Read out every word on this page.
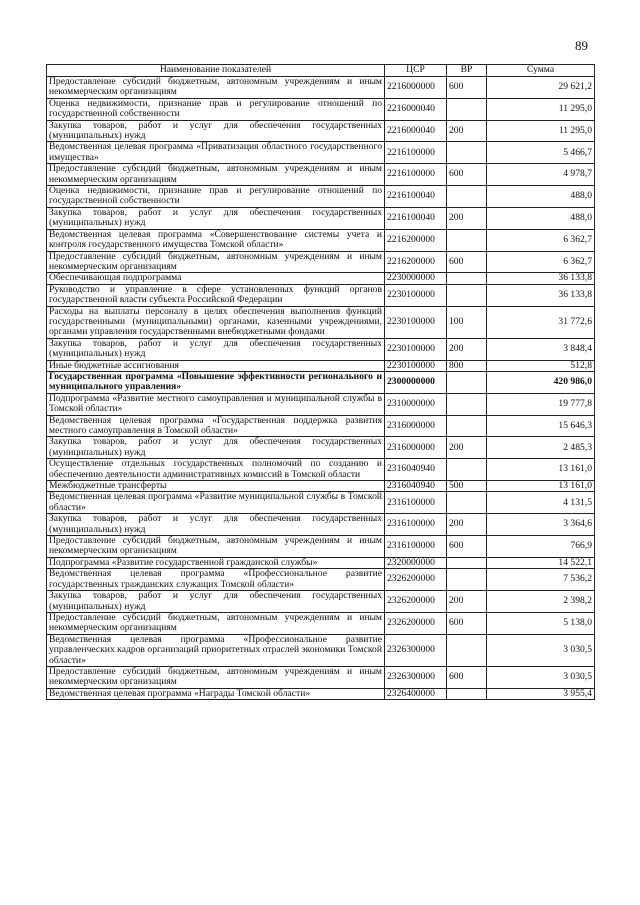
89
Наименование показателей	ЦСР	ВР	Сумма
Предоставление субсидий бюджетным, автономным учреждениям и иным некоммерческим организациям	2216000000	600	29 621,2
Оценка недвижимости, признание прав и регулирование отношений по государственной собственности	2216000040		11 295,0
Закупка товаров, работ и услуг для обеспечения государственных (муниципальных) нужд	2216000040	200	11 295,0
Ведомственная целевая программа «Приватизация областного государственного имущества»	2216100000		5 466,7
Предоставление субсидий бюджетным, автономным учреждениям и иным некоммерческим организациям	2216100000	600	4 978,7
Оценка недвижимости, признание прав и регулирование отношений по государственной собственности	2216100040		488,0
Закупка товаров, работ и услуг для обеспечения государственных (муниципальных) нужд	2216100040	200	488,0
Ведомственная целевая программа «Совершенствование системы учета и контроля государственного имущества Томской области»	2216200000		6 362,7
Предоставление субсидий бюджетным, автономным учреждениям и иным некоммерческим организациям	2216200000	600	6 362,7
Обеспечивающая подпрограмма	2230000000		36 133,8
Руководство и управление в сфере установленных функций органов государственной власти субъекта Российской Федерации	2230100000		36 133,8
Расходы на выплаты персоналу в целях обеспечения выполнения функций государственными (муниципальными) органами, казенными учреждениями, органами управления государственными внебюджетными фондами	2230100000	100	31 772,6
Закупка товаров, работ и услуг для обеспечения государственных (муниципальных) нужд	2230100000	200	3 848,4
Иные бюджетные ассигнования	2230100000	800	512,8
Государственная программа «Повышение эффективности регионального и муниципального управления»	2300000000		420 986,0
Подпрограмма «Развитие местного самоуправления и муниципальной службы в Томской области»	2310000000		19 777,8
Ведомственная целевая программа «Государственная поддержка развития местного самоуправления в Томской области»	2316000000		15 646,3
Закупка товаров, работ и услуг для обеспечения государственных (муниципальных) нужд	2316000000	200	2 485,3
Осуществление отдельных государственных полномочий по созданию и обеспечению деятельности административных комиссий в Томской области	2316040940		13 161,0
Межбюджетные трансферты	2316040940	500	13 161,0
Ведомственная целевая программа «Развитие муниципальной службы в Томской области»	2316100000		4 131,5
Закупка товаров, работ и услуг для обеспечения государственных (муниципальных) нужд	2316100000	200	3 364,6
Предоставление субсидий бюджетным, автономным учреждениям и иным некоммерческим организациям	2316100000	600	766,9
Подпрограмма «Развитие государственной гражданской службы»	2320000000		14 522,1
Ведомственная целевая программа «Профессиональное развитие государственных гражданских служащих Томской области»	2326200000		7 536,2
Закупка товаров, работ и услуг для обеспечения государственных (муниципальных) нужд	2326200000	200	2 398,2
Предоставление субсидий бюджетным, автономным учреждениям и иным некоммерческим организациям	2326200000	600	5 138,0
Ведомственная целевая программа «Профессиональное развитие управленческих кадров организаций приоритетных отраслей экономики Томской области»	2326300000		3 030,5
Предоставление субсидий бюджетным, автономным учреждениям и иным некоммерческим организациям	2326300000	600	3 030,5
Ведомственная целевая программа «Награды Томской области»	2326400000		3 955,4
